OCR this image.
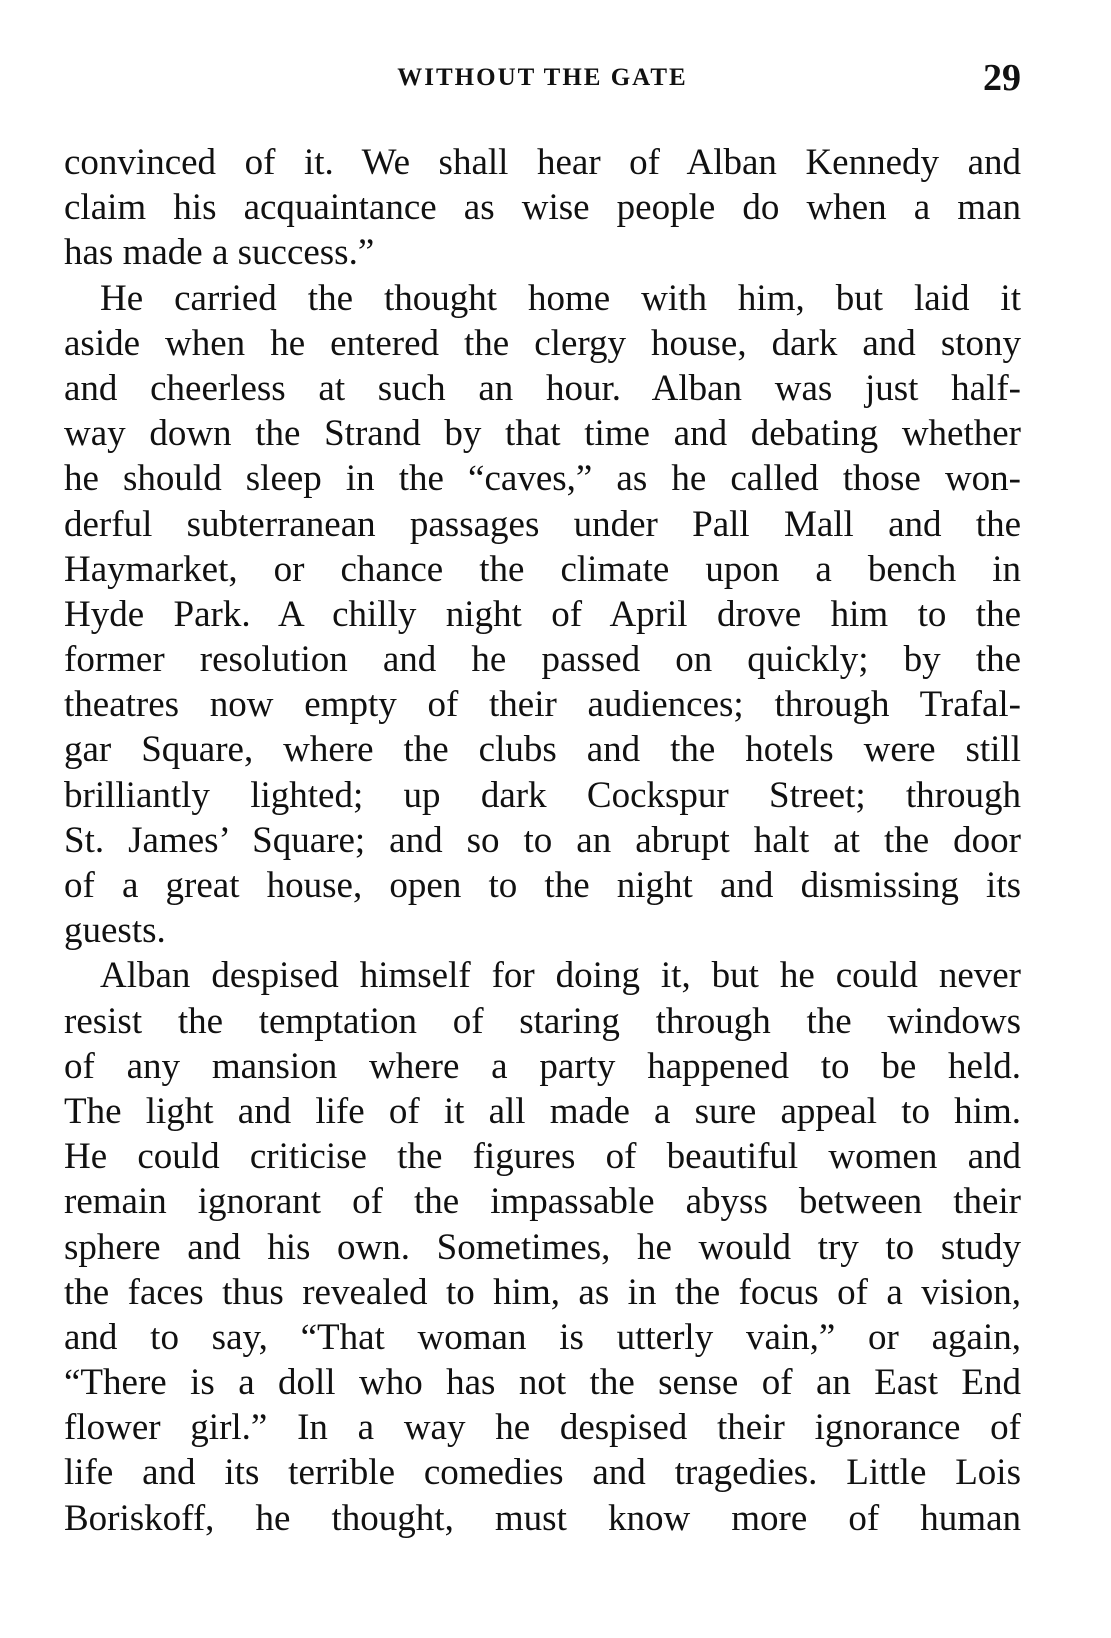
WITHOUT THE GATE	29
convinced of it. We shall hear of Alban Kennedy and
claim his acquaintance as wise people do when a man
has made a success.”
He carried the thought home with him, but laid it
aside when he entered the clergy house, dark and stony
and cheerless at such an hour. Alban was just half-
way down the Strand by that time and debating whether
he should sleep in the “caves,” as he called those won-
derful subterranean passages under Pall Mall and the
Haymarket, or chance the climate upon a bench in
Hyde Park. A chilly night of April drove him to the
former resolution and he passed on quickly; by the
theatres now empty of their audiences; through Trafal-
gar Square, where the clubs and the hotels were still
brilliantly lighted; up dark Cockspur Street; through
St. James’ Square; and so to an abrupt halt at the door
of a great house, open to the night and dismissing its
guests.
Alban despised himself for doing it, but he could never
resist the temptation of staring through the windows
of any mansion where a party happened to be held.
The light and life of it all made a sure appeal to him.
He could criticise the figures of beautiful women and
remain ignorant of the impassable abyss between their
sphere and his own. Sometimes, he would try to study
the faces thus revealed to him, as in the focus of a vision,
and to say, “That woman is utterly vain,” or again,
“There is a doll who has not the sense of an East End
flower girl.” In a way he despised their ignorance of
life and its terrible comedies and tragedies. Little Lois
Boriskoff, he thought, must know more of human
